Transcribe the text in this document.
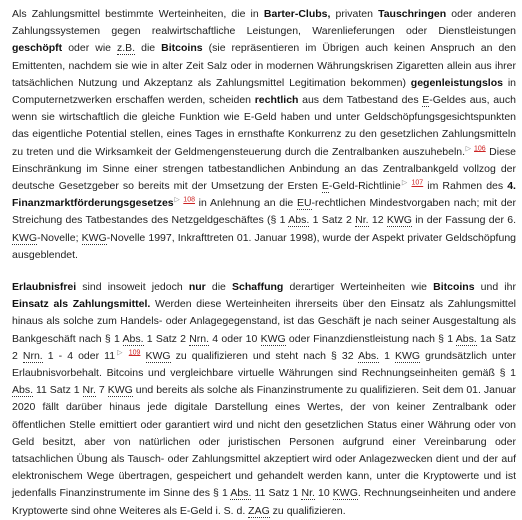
Als Zahlungsmittel bestimmte Werteinheiten, die in Barter-Clubs, privaten Tauschringen oder anderen Zahlungssystemen gegen realwirtschaftliche Leistungen, Warenlieferungen oder Dienstleistungen geschöpft oder wie z.B. die Bitcoins (sie repräsentieren im Übrigen auch keinen Anspruch an den Emittenten, nachdem sie wie in alter Zeit Salz oder in modernen Währungskrisen Zigaretten allein aus ihrer tatsächlichen Nutzung und Akzeptanz als Zahlungsmittel Legitimation bekommen) gegenleistungslos in Computernetzwerken erschaffen werden, scheiden rechtlich aus dem Tatbestand des E-Geldes aus, auch wenn sie wirtschaftlich die gleiche Funktion wie E-Geld haben und unter Geldschöpfungsgesichtspunkten das eigentliche Potential stellen, eines Tages in ernsthafte Konkurrenz zu den gesetzlichen Zahlungsmitteln zu treten und die Wirksamkeit der Geldmengensteuerung durch die Zentralbanken auszuhebeln.$^{▷ 106}$ Diese Einschränkung im Sinne einer strengen tatbestandlichen Anbindung an das Zentralbankgeld vollzog der deutsche Gesetzgeber so bereits mit der Umsetzung der Ersten E-Geld-Richtlinie$^{▷ 107}$ im Rahmen des 4. Finanzmarktförderungsgesetzes$^{▷ 108}$ in Anlehnung an die EU-rechtlichen Mindestvorgaben nach; mit der Streichung des Tatbestandes des Netzgeldgeschäftes (§ 1 Abs. 1 Satz 2 Nr. 12 KWG in der Fassung der 6. KWG-Novelle; KWG-Novelle 1997, Inkrafttreten 01. Januar 1998), wurde der Aspekt privater Geldschöpfung ausgeblendet.

Erlaubnisfrei sind insoweit jedoch nur die Schaffung derartiger Werteinheiten wie Bitcoins und ihr Einsatz als Zahlungsmittel. Werden diese Werteinheiten ihrerseits über den Einsatz als Zahlungsmittel hinaus als solche zum Handels- oder Anlagegegenstand, ist das Geschäft je nach seiner Ausgestaltung als Bankgeschäft nach § 1 Abs. 1 Satz 2 Nrn. 4 oder 10 KWG oder Finanzdienstleistung nach § 1 Abs. 1a Satz 2 Nrn. 1 - 4 oder 11$^{▷ 109}$ KWG zu qualifizieren und steht nach § 32 Abs. 1 KWG grundsätzlich unter Erlaubnisvorbehalt. Bitcoins und vergleichbare virtuelle Währungen sind Rechnungseinheiten gemäß § 1 Abs. 11 Satz 1 Nr. 7 KWG und bereits als solche als Finanzinstrumente zu qualifizieren. Seit dem 01. Januar 2020 fällt darüber hinaus jede digitale Darstellung eines Wertes, der von keiner Zentralbank oder öffentlichen Stelle emittiert oder garantiert wird und nicht den gesetzlichen Status einer Währung oder von Geld besitzt, aber von natürlichen oder juristischen Personen aufgrund einer Vereinbarung oder tatsachlichen Übung als Tausch- oder Zahlungsmittel akzeptiert wird oder Anlagezwecken dient und der auf elektronischem Wege übertragen, gespeichert und gehandelt werden kann, unter die Kryptowerte und ist jedenfalls Finanzinstrumente im Sinne des § 1 Abs. 11 Satz 1 Nr. 10 KWG. Rechnungseinheiten und andere Kryptowerte sind ohne Weiteres als E-Geld i. S. d. ZAG zu qualifizieren.
